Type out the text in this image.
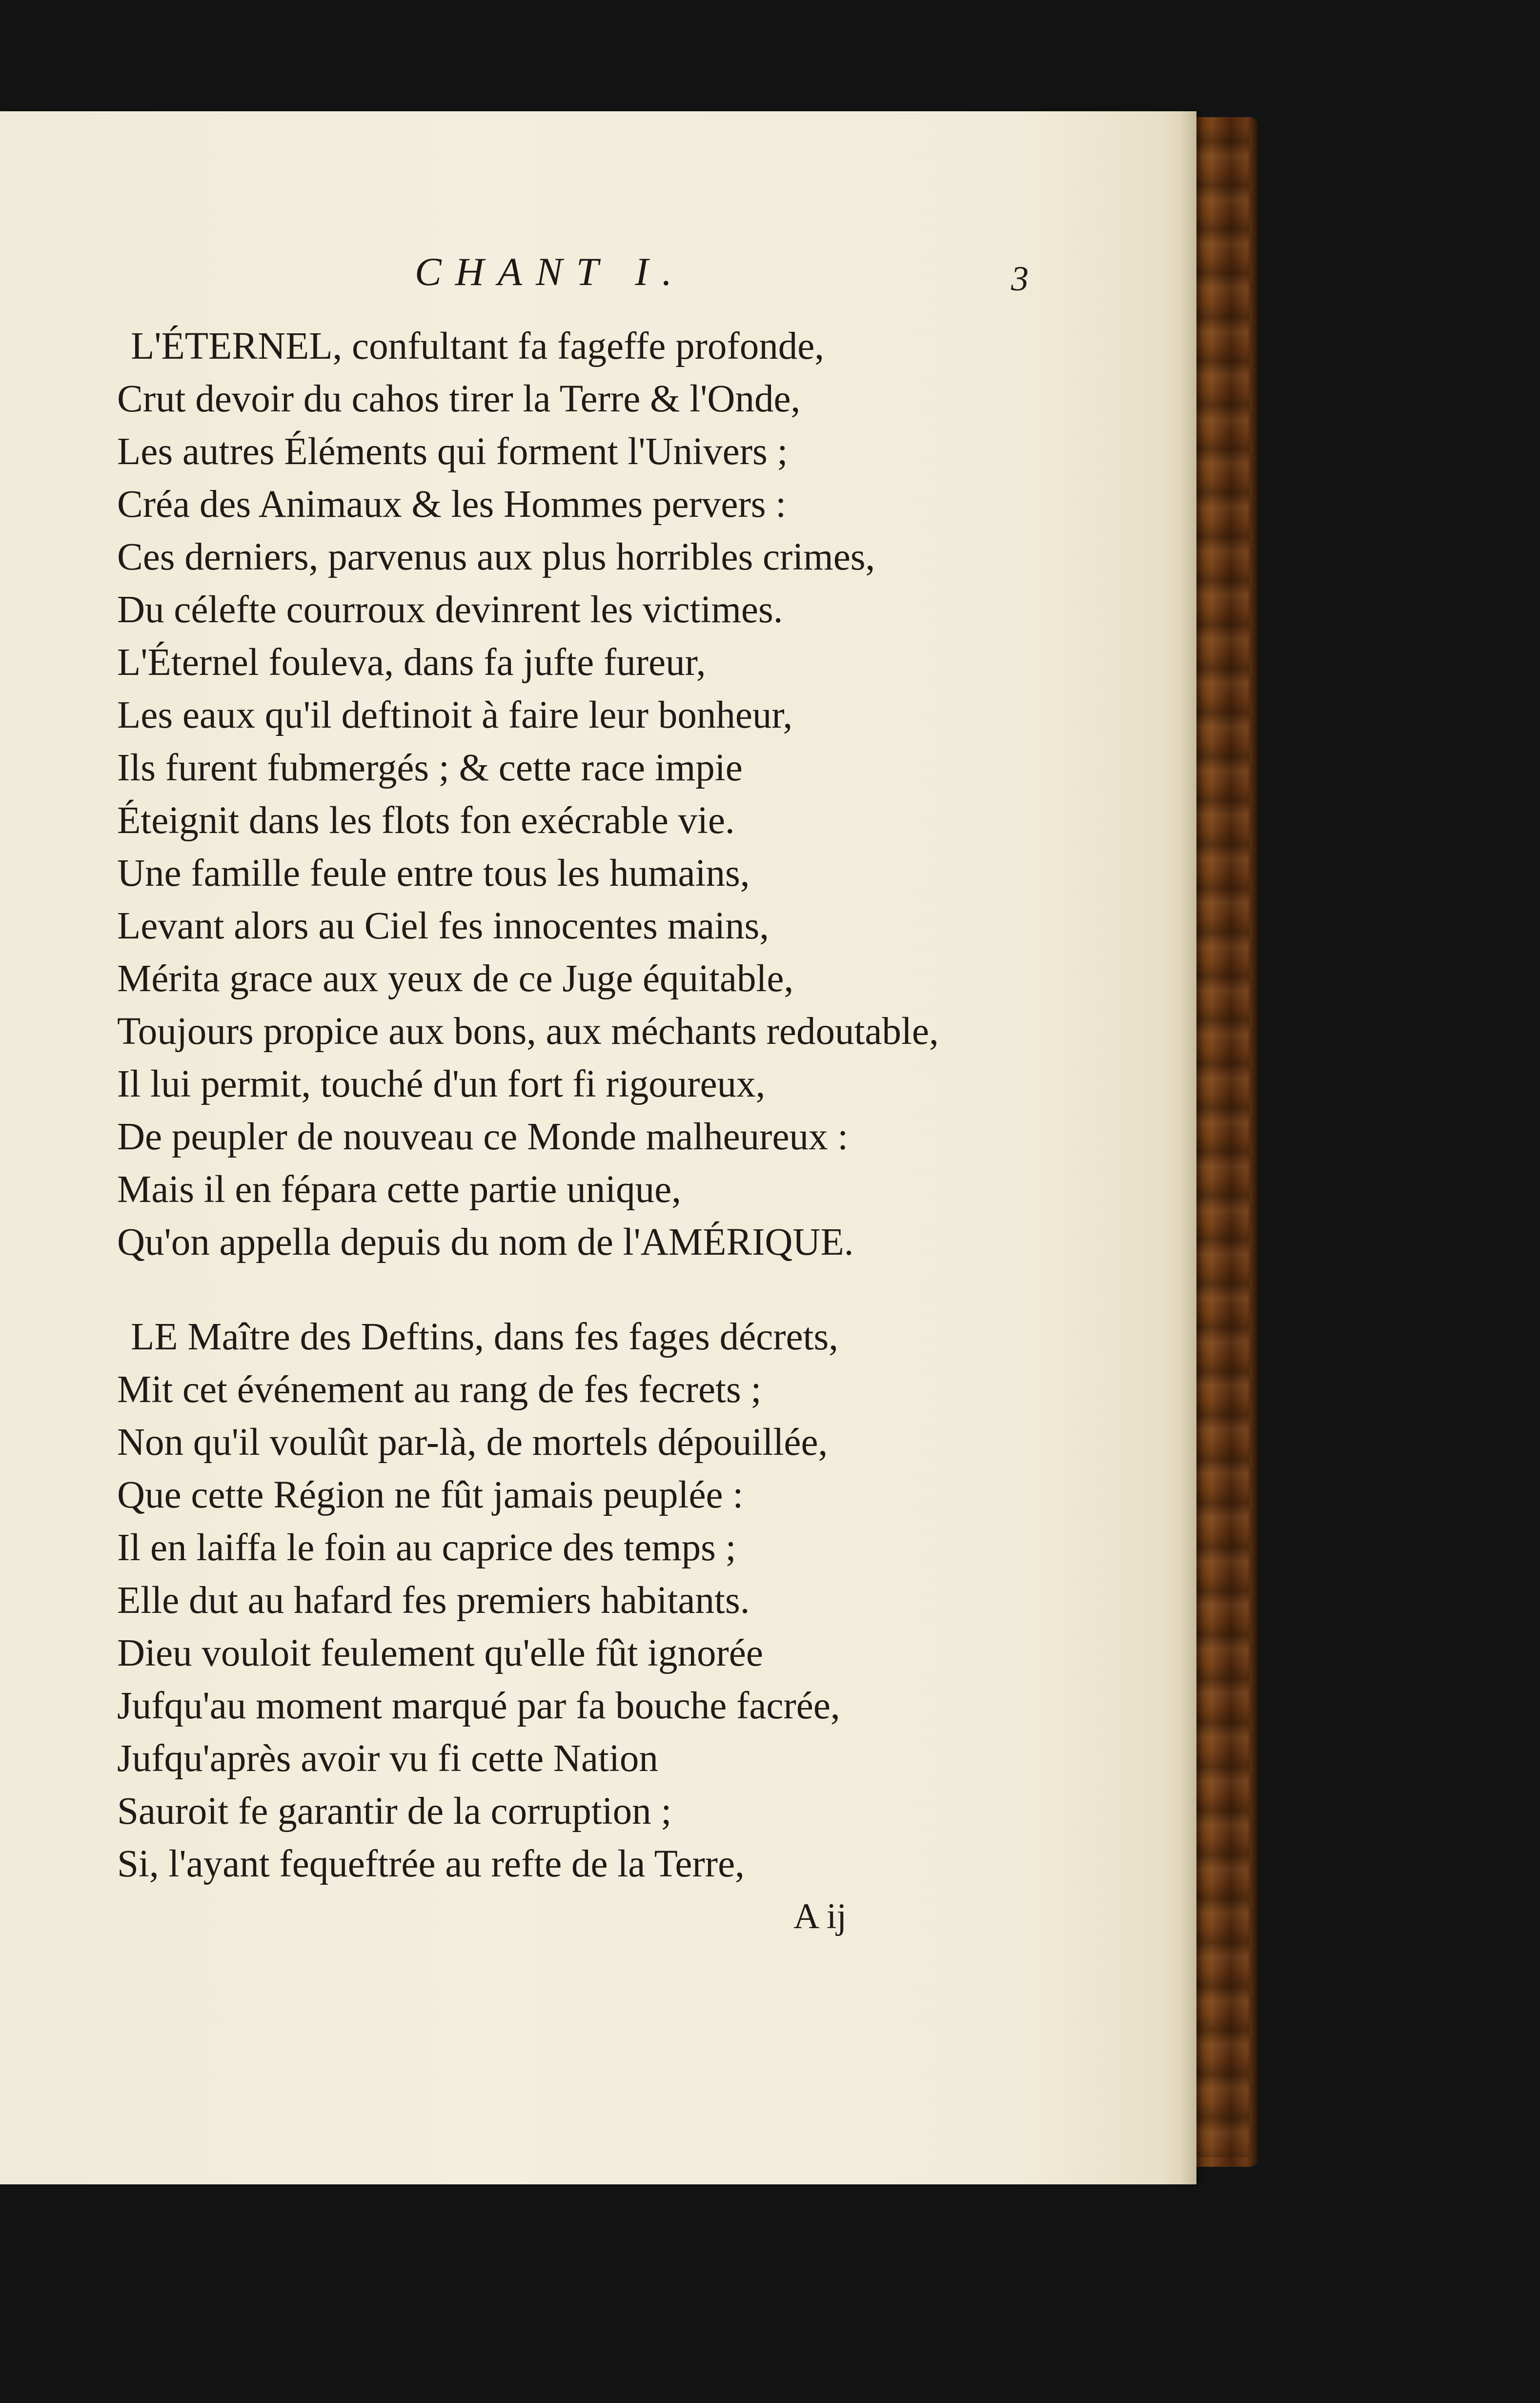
CHANT I.	3
L'ÉTERNEL, confultant fa fageffe profonde,
Crut devoir du cahos tirer la Terre & l'Onde,
Les autres Éléments qui forment l'Univers ;
Créa des Animaux & les Hommes pervers :
Ces derniers, parvenus aux plus horribles crimes,
Du célefte courroux devinrent les victimes.
L'Éternel fouleva, dans fa jufte fureur,
Les eaux qu'il deftinoit à faire leur bonheur,
Ils furent fubmergés ; & cette race impie
Éteignit dans les flots fon exécrable vie.
Une famille feule entre tous les humains,
Levant alors au Ciel fes innocentes mains,
Mérita grace aux yeux de ce Juge équitable,
Toujours propice aux bons, aux méchants redoutable,
Il lui permit, touché d'un fort fi rigoureux,
De peupler de nouveau ce Monde malheureux :
Mais il en fépara cette partie unique,
Qu'on appella depuis du nom de l'AMÉRIQUE.
LE Maître des Deftins, dans fes fages décrets,
Mit cet événement au rang de fes fecrets ;
Non qu'il voulût par-là, de mortels dépouillée,
Que cette Région ne fût jamais peuplée :
Il en laiffa le foin au caprice des temps ;
Elle dut au hafard fes premiers habitants.
Dieu vouloit feulement qu'elle fût ignorée
Jufqu'au moment marqué par fa bouche facrée,
Jufqu'après avoir vu fi cette Nation
Sauroit fe garantir de la corruption ;
Si, l'ayant fequeftrée au refte de la Terre,
A ij
